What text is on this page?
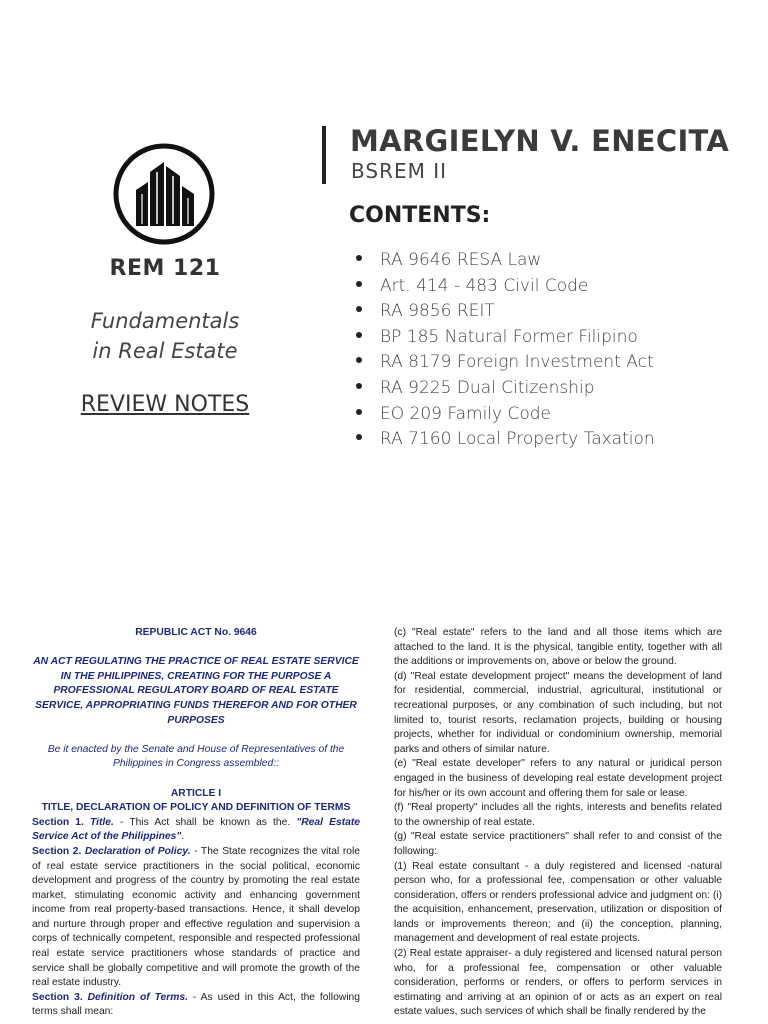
REM 121
Fundamentals
in Real Estate
REVIEW NOTES
MARGIELYN V. ENECITA
BSREM II
CONTENTS:
RA 9646 RESA Law
Art. 414 - 483 Civil Code
RA 9856 REIT
BP 185 Natural Former Filipino
RA 8179 Foreign Investment Act
RA 9225 Dual Citizenship
EO 209 Family Code
RA 7160 Local Property Taxation

REPUBLIC ACT No. 9646

AN ACT REGULATING THE PRACTICE OF REAL ESTATE SERVICE IN THE PHILIPPINES, CREATING FOR THE PURPOSE A PROFESSIONAL REGULATORY BOARD OF REAL ESTATE SERVICE, APPROPRIATING FUNDS THEREFOR AND FOR OTHER PURPOSES

Be it enacted by the Senate and House of Representatives of the Philippines in Congress assembled::

ARTICLE I

TITLE, DECLARATION OF POLICY AND DEFINITION OF TERMS

Section 1. Title. - This Act shall be known as the. "Real Estate Service Act of the Philippines".

Section 2. Declaration of Policy. - The State recognizes the vital role of real estate service practitioners in the social political, economic development and progress of the country by promoting the real estate market, stimulating economic activity and enhancing government income from real property-based transactions. Hence, it shall develop and nurture through proper and effective regulation and supervision a corps of technically competent, responsible and respected professional real estate service practitioners whose standards of practice and service shall be globally competitive and will promote the growth of the real estate industry.

Section 3. Definition of Terms. - As used in this Act, the following terms shall mean:

(c) "Real estate" refers to the land and all those items which are attached to the land. It is the physical, tangible entity, together with all the additions or improvements on, above or below the ground.

(d) "Real estate development project" means the development of land for residential, commercial, industrial, agricultural, institutional or recreational purposes, or any combination of such including, but not limited to, tourist resorts, reclamation projects, building or housing projects, whether for individual or condominium ownership, memorial parks and others of similar nature.

(e) "Real estate developer" refers to any natural or juridical person engaged in the business of developing real estate development project for his/her or its own account and offering them for sale or lease.

(f) "Real property" includes all the rights, interests and benefits related to the ownership of real estate.

(g) "Real estate service practitioners" shall refer to and consist of the following:

(1) Real estate consultant - a duly registered and licensed -natural person who, for a professional fee, compensation or other valuable consideration, offers or renders professional advice and judgment on: (i) the acquisition, enhancement, preservation, utilization or disposition of lands or improvements thereon; and (ii) the conception, planning, management and development of real estate projects.

(2) Real estate appraiser- a duly registered and licensed natural person who, for a professional fee, compensation or other valuable consideration, performs or renders, or offers to perform services in estimating and arriving at an opinion of or acts as an expert on real estate values, such services of which shall be finally rendered by the
